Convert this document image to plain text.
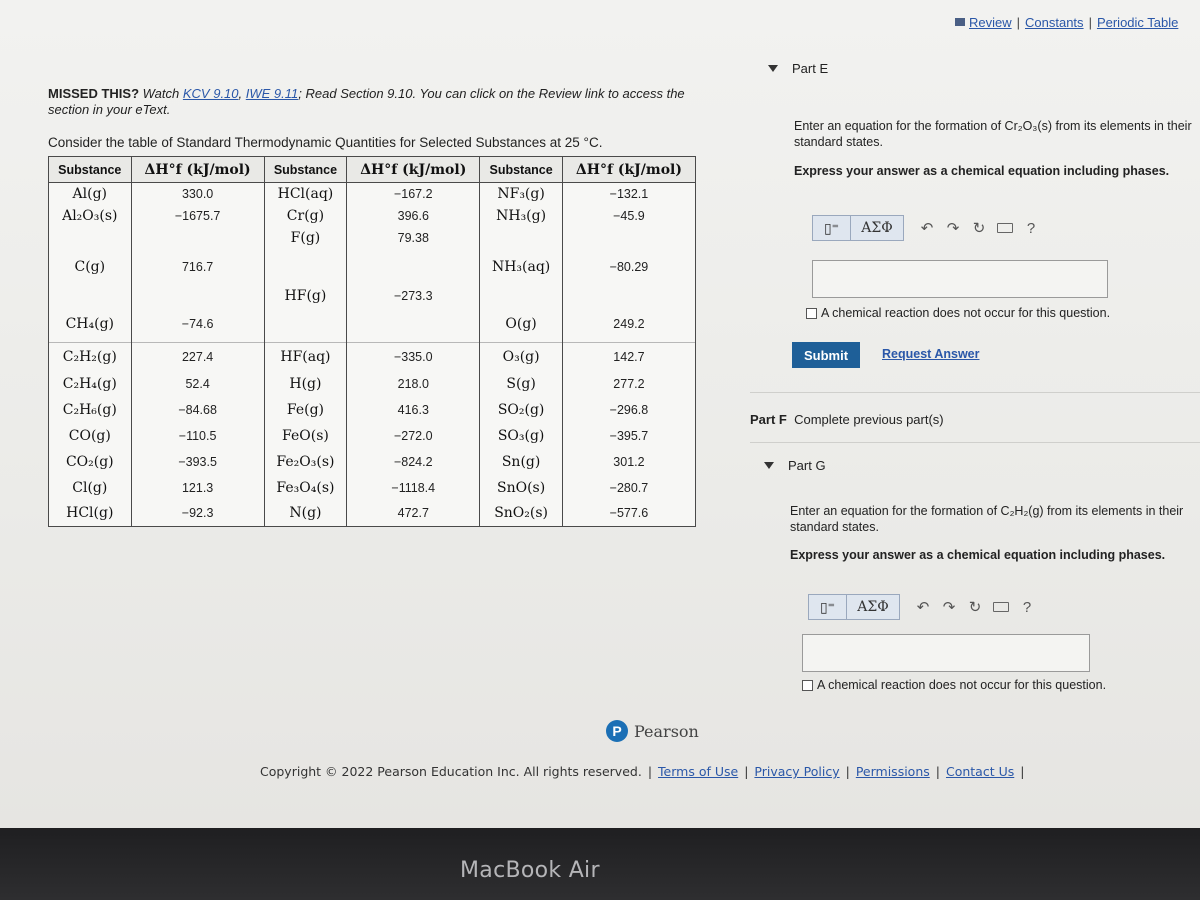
Review | Constants | Periodic Table
MISSED THIS? Watch KCV 9.10, IWE 9.11; Read Section 9.10. You can click on the Review link to access the section in your eText.
Consider the table of Standard Thermodynamic Quantities for Selected Substances at 25 °C.
Substance	ΔH°f (kJ/mol)	Substance	ΔH°f (kJ/mol)	Substance	ΔH°f (kJ/mol)
Al(g)	330.0	HCl(aq)	−167.2	NF₃(g)	−132.1
Al₂O₃(s)	−1675.7	Cr(g)	396.6	NH₃(g)	−45.9
		F(g)	79.38		
C(g)	716.7			NH₃(aq)	−80.29
		HF(g)	−273.3		
CH₄(g)	−74.6			O(g)	249.2
C₂H₂(g)	227.4	HF(aq)	−335.0	O₃(g)	142.7
C₂H₄(g)	52.4	H(g)	218.0	S(g)	277.2
C₂H₆(g)	−84.68	Fe(g)	416.3	SO₂(g)	−296.8
CO(g)	−110.5	FeO(s)	−272.0	SO₃(g)	−395.7
CO₂(g)	−393.5	Fe₂O₃(s)	−824.2	Sn(g)	301.2
Cl(g)	121.3	Fe₃O₄(s)	−1118.4	SnO(s)	−280.7
HCl(g)	−92.3	N(g)	472.7	SnO₂(s)	−577.6
Part E
Enter an equation for the formation of Cr₂O₃(s) from its elements in their standard states.
Express your answer as a chemical equation including phases.
▯⁼	ΑΣΦ	↶ ↷ ↻	?
A chemical reaction does not occur for this question.
Submit	Request Answer
Part F Complete previous part(s)
Part G
Enter an equation for the formation of C₂H₂(g) from its elements in their standard states.
Express your answer as a chemical equation including phases.
▯⁼	ΑΣΦ	↶ ↷ ↻	?
A chemical reaction does not occur for this question.
P Pearson
Copyright © 2022 Pearson Education Inc. All rights reserved. | Terms of Use | Privacy Policy | Permissions | Contact Us |
MacBook Air
